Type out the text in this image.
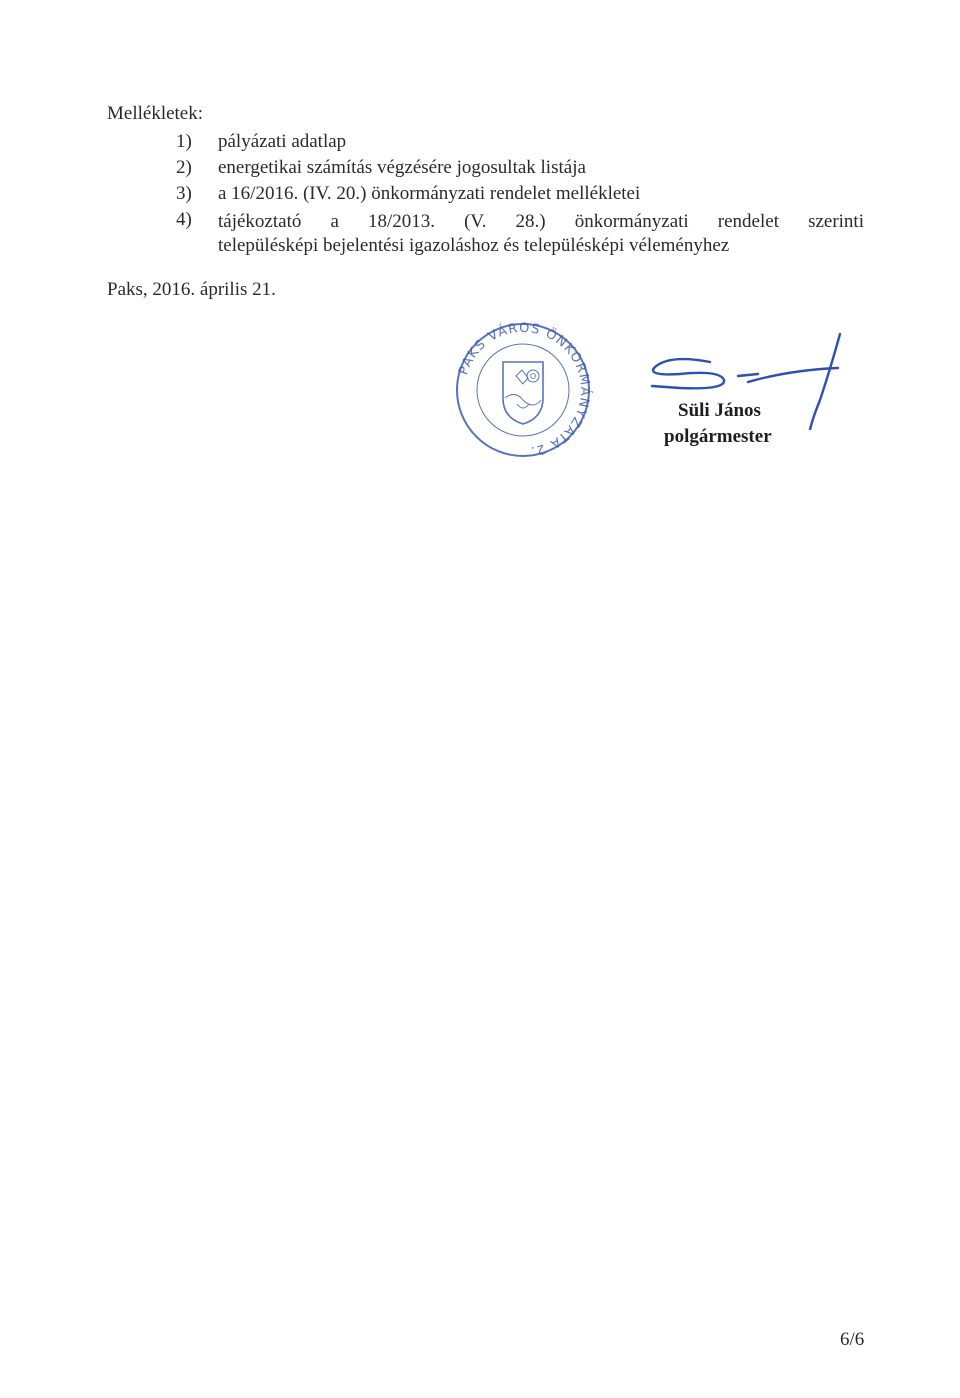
Mellékletek:
1) pályázati adatlap
2) energetikai számítás végzésére jogosultak listája
3) a 16/2016. (IV. 20.) önkormányzati rendelet mellékletei
4) tájékoztató a 18/2013. (V. 28.) önkormányzati rendelet szerinti
településképi bejelentési igazoláshoz és településképi véleményhez
Paks, 2016. április 21.
PAKS VÁROS ÖNKORMÁNYZATA 2.
Süli János
polgármester
6/6
